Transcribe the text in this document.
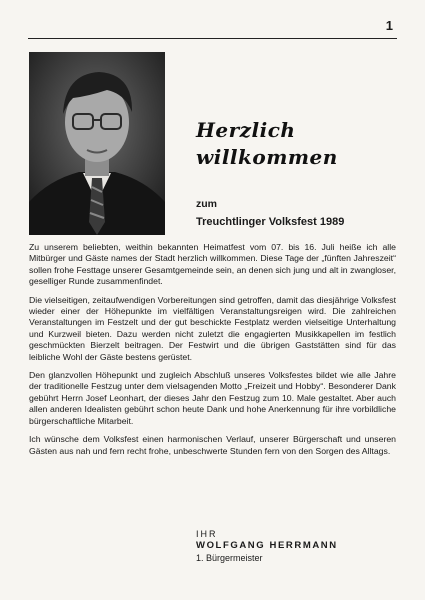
1
Herzlich
willkommen
zum
Treuchtlinger Volksfest 1989

Zu unserem beliebten, weithin bekannten Heimatfest vom 07. bis 16. Juli heiße ich alle Mitbürger und Gäste names der Stadt herzlich willkommen. Diese Tage der „fünften Jahreszeit“ sollen frohe Festtage unserer Gesamtgemeinde sein, an denen sich jung und alt in zwangloser, geselliger Runde zusammenfindet.

Die vielseitigen, zeitaufwendigen Vorbereitungen sind getroffen, damit das diesjährige Volksfest wieder einer der Höhepunkte im vielfältigen Veranstaltungsreigen wird. Die zahlreichen Veranstaltungen im Festzelt und der gut beschickte Festplatz werden vielseitige Unterhaltung und Kurzweil bieten. Dazu werden nicht zuletzt die engagierten Musikkapellen im festlich geschmückten Bierzelt beitragen. Der Festwirt und die übrigen Gaststätten sind für das leibliche Wohl der Gäste bestens gerüstet.

Den glanzvollen Höhepunkt und zugleich Abschluß unseres Volksfestes bildet wie alle Jahre der traditionelle Festzug unter dem vielsagenden Motto „Freizeit und Hobby“. Besonderer Dank gebührt Herrn Josef Leonhart, der dieses Jahr den Festzug zum 10. Male gestaltet. Aber auch allen anderen Idealisten gebührt schon heute Dank und hohe Anerkennung für ihre vorbildliche bürgerschaftliche Mitarbeit.

Ich wünsche dem Volksfest einen harmonischen Verlauf, unserer Bürgerschaft und unseren Gästen aus nah und fern recht frohe, unbeschwerte Stunden fern von den Sorgen des Alltags.

IHR
WOLFGANG HERRMANN
1. Bürgermeister
